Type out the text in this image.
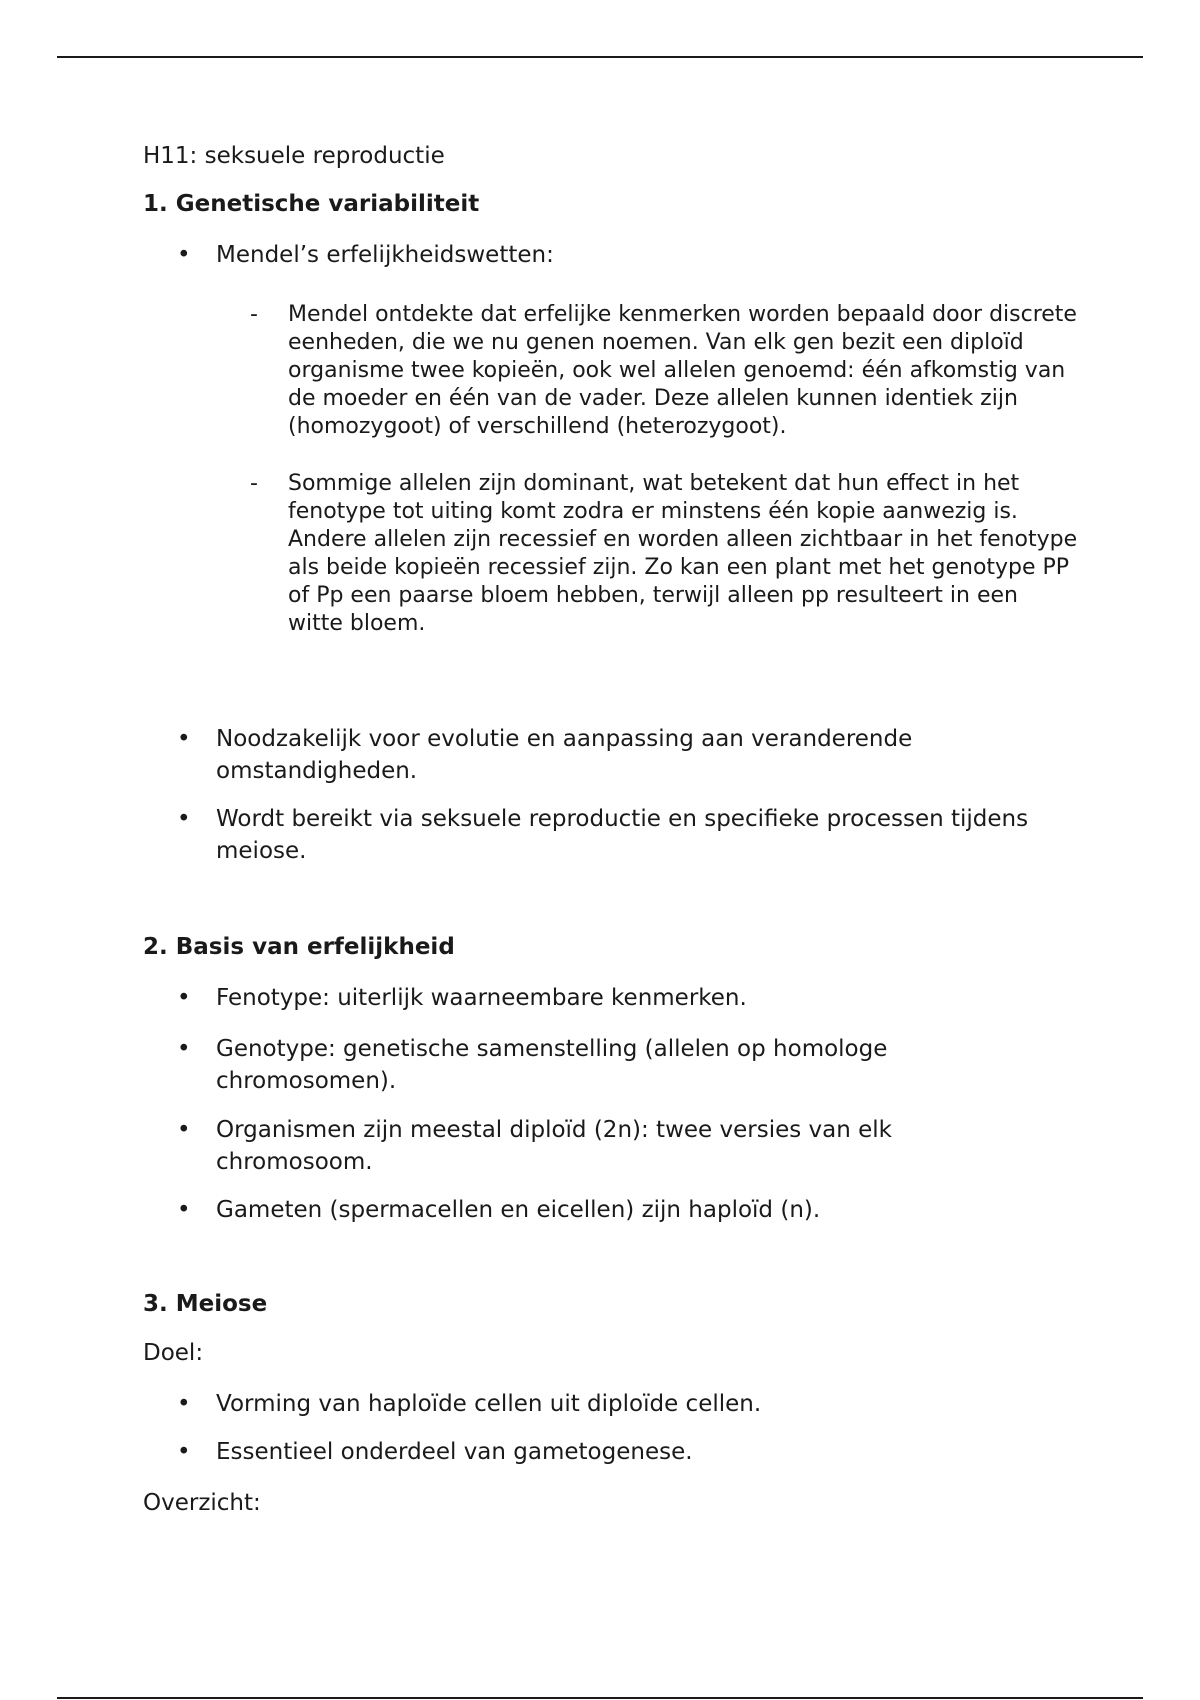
H11: seksuele reproductie

1. Genetische variabiliteit

• Mendel’s erfelijkheidswetten:
- Mendel ontdekte dat erfelijke kenmerken worden bepaald door discrete eenheden, die we nu genen noemen. Van elk gen bezit een diploïd organisme twee kopieën, ook wel allelen genoemd: één afkomstig van de moeder en één van de vader. Deze allelen kunnen identiek zijn (homozygoot) of verschillend (heterozygoot).
- Sommige allelen zijn dominant, wat betekent dat hun effect in het fenotype tot uiting komt zodra er minstens één kopie aanwezig is. Andere allelen zijn recessief en worden alleen zichtbaar in het fenotype als beide kopieën recessief zijn. Zo kan een plant met het genotype PP of Pp een paarse bloem hebben, terwijl alleen pp resulteert in een witte bloem.
• Noodzakelijk voor evolutie en aanpassing aan veranderende omstandigheden.
• Wordt bereikt via seksuele reproductie en specifieke processen tijdens meiose.

2. Basis van erfelijkheid

• Fenotype: uiterlijk waarneembare kenmerken.
• Genotype: genetische samenstelling (allelen op homologe chromosomen).
• Organismen zijn meestal diploïd (2n): twee versies van elk chromosoom.
• Gameten (spermacellen en eicellen) zijn haploïd (n).

3. Meiose

Doel:

• Vorming van haploïde cellen uit diploïde cellen.
• Essentieel onderdeel van gametogenese.

Overzicht:
